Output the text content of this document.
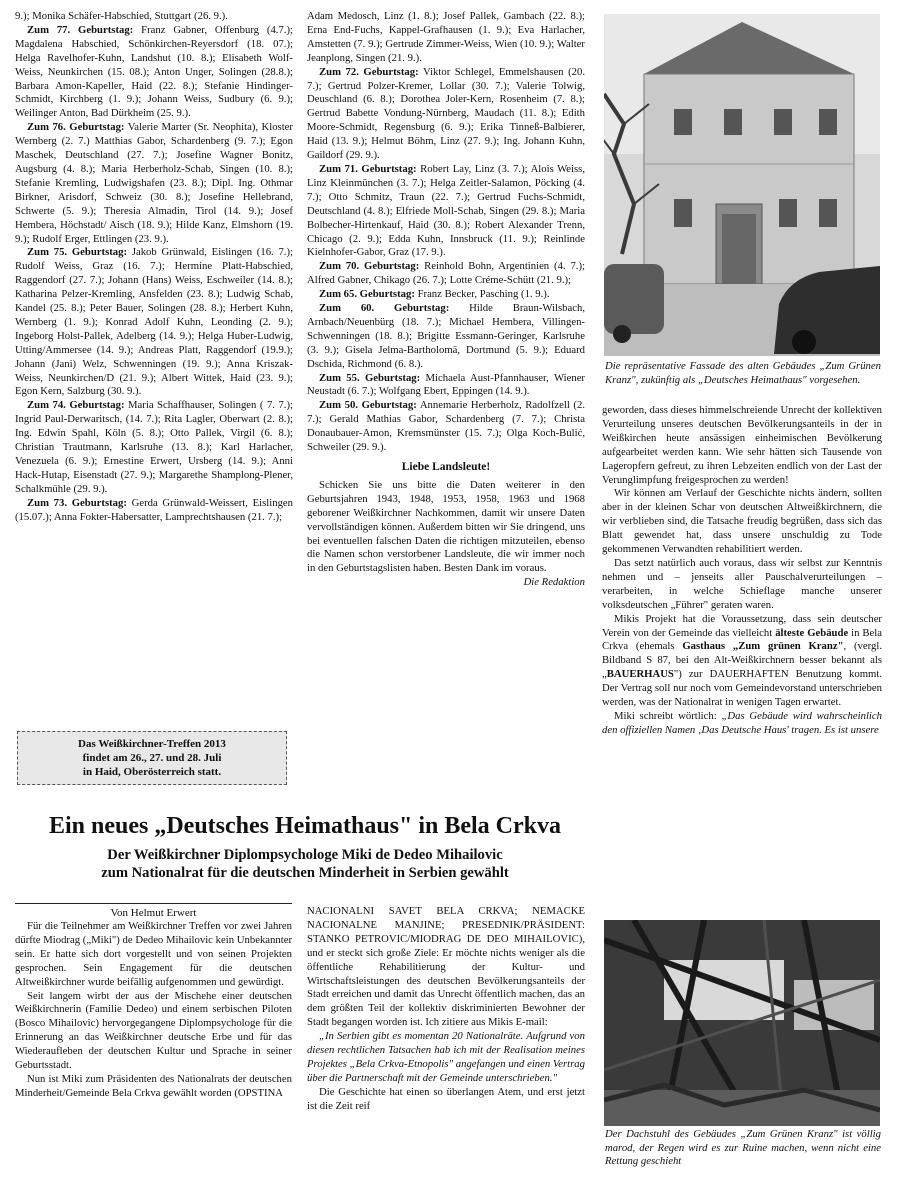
9.); Monika Schäfer-Habschied, Stuttgart (26. 9.).

Zum 77. Geburtstag: Franz Gabner, Offenburg (4.7.); Magdalena Habschied, Schönkirchen-Reyersdorf (18. 07.); Helga Ravelhofer-Kuhn, Landshut (10. 8.); Elisabeth Wolf-Weiss, Neunkirchen (15. 08.); Anton Unger, Solingen (28.8.); Barbara Amon-Kapeller, Haid (22. 8.); Stefanie Hindinger-Schmidt, Kirchberg (1. 9.); Johann Weiss, Sudbury (6. 9.); Weilinger Anton, Bad Dürkheim (25. 9.).

Zum 76. Geburtstag: Valerie Marter (Sr. Neophita), Kloster Wernberg (2. 7.) Matthias Gabor, Schardenberg (9. 7.); Egon Maschek, Deutschland (27. 7.); Josefine Wagner Bonitz, Augsburg (4. 8.); Maria Herberholz-Schab, Singen (10. 8.); Stefanie Kremling, Ludwigshafen (23. 8.); Dipl. Ing. Othmar Birkner, Arisdorf, Schweiz (30. 8.); Josefine Hellebrand, Schwerte (5. 9.); Theresia Almadin, Tirol (14. 9.); Josef Hembera, Höchstadt/ Aisch (18. 9.); Hilde Kanz, Elmshorn (19. 9.); Rudolf Erger, Ettlingen (23. 9.).

Zum 75. Geburtstag: Jakob Grünwald, Eislingen (16. 7.); Rudolf Weiss, Graz (16. 7.); Hermine Platt-Habschied, Raggendorf (27. 7.); Johann (Hans) Weiss, Eschweiler (14. 8.); Katharina Pelzer-Kremling, Ansfelden (23. 8.); Ludwig Schab, Kandel (25. 8.); Peter Bauer, Solingen (28. 8.); Herbert Kuhn, Wernberg (1. 9.); Konrad Adolf Kuhn, Leonding (2. 9.); Ingeborg Holst-Pallek, Adelberg (14. 9.); Helga Huber-Ludwig, Utting/Ammersee (14. 9.); Andreas Platt, Raggendorf (19.9.); Johann (Jani) Welz, Schwenningen (19. 9.); Anna Kriszak-Weiss, Neunkirchen/D (21. 9.); Albert Wittek, Haid (23. 9.); Egon Kern, Salzburg (30. 9.).

Zum 74. Geburtstag: Maria Schaffhauser, Solingen ( 7. 7.); Ingrid Paul-Derwaritsch, (14. 7.); Rita Lagler, Oberwart (2. 8.); Ing. Edwin Spahl, Köln (5. 8.); Otto Pallek, Virgil (6. 8.); Christian Trautmann, Karlsruhe (13. 8.); Karl Harlacher, Venezuela (6. 9.); Ernestine Erwert, Ursberg (14. 9.); Anni Hack-Hutap, Eisenstadt (27. 9.); Margarethe Shamplong-Plener, Schalkmühle (29. 9.).

Zum 73. Geburtstag: Gerda Grünwald-Weissert, Eislingen (15.07.); Anna Fokter-Habersatter, Lamprechtshausen (21. 7.);

Das Weißkirchner-Treffen 2013
findet am 26., 27. und 28. Juli
in Haid, Oberösterreich statt.

Adam Medosch, Linz (1. 8.); Josef Pallek, Gambach (22. 8.); Erna End-Fuchs, Kappel-Grafhausen (1. 9.); Eva Harlacher, Amstetten (7. 9.); Gertrude Zimmer-Weiss, Wien (10. 9.); Walter Jeanplong, Singen (21. 9.).

Zum 72. Geburtstag: Viktor Schlegel, Emmelshausen (20. 7.); Gertrud Polzer-Kremer, Lollar (30. 7.); Valerie Tolwig, Deuschland (6. 8.); Dorothea Joler-Kern, Rosenheim (7. 8.); Gertrud Babette Vondung-Nürnberg, Maudach (11. 8.); Edith Moore-Schmidt, Regensburg (6. 9.); Erika Tinneß-Balbierer, Haid (13. 9.); Helmut Böhm, Linz (27. 9.); Ing. Johann Kuhn, Gaildorf (29. 9.).

Zum 71. Geburtstag: Robert Lay, Linz (3. 7.); Alois Weiss, Linz Kleinmünchen (3. 7.); Helga Zeitler-Salamon, Pöcking (4. 7.); Otto Schmitz, Traun (22. 7.); Gertrud Fuchs-Schmidt, Deutschland (4. 8.); Elfriede Moll-Schab, Singen (29. 8.); Maria Bolbecher-Hirtenkauf, Haid (30. 8.); Robert Alexander Trenn, Chicago (2. 9.); Edda Kuhn, Innsbruck (11. 9.); Reinlinde Kielnhofer-Gabor, Graz (17. 9.).

Zum 70. Geburtstag: Reinhold Bohn, Argentinien (4. 7.); Alfred Gabner, Chikago (26. 7.); Lotte Créme-Schütt (21. 9.);

Zum 65. Geburtstag: Franz Becker, Pasching (1. 9.).

Zum 60. Geburtstag: Hilde Braun-Wilsbach, Arnbach/Neuenbürg (18. 7.); Michael Hembera, Villingen-Schwenningen (18. 8.); Brigitte Essmann-Geringer, Karlsruhe (3. 9.); Gisela Jelma-Bartholomä, Dortmund (5. 9.); Eduard Dschida, Richmond (6. 8.).

Zum 55. Geburtstag: Michaela Aust-Pfannhauser, Wiener Neustadt (6. 7.); Wolfgang Ebert, Eppingen (14. 9.).

Zum 50. Geburtstag: Annemarie Herberholz, Radolfzell (2. 7.); Gerald Mathias Gabor, Schardenberg (7. 7.); Christa Donaubauer-Amon, Kremsmünster (15. 7.); Olga Koch-Bulić, Schweiler (29. 9.).

Liebe Landsleute!

Schicken Sie uns bitte die Daten weiterer in den Geburtsjahren 1943, 1948, 1953, 1958, 1963 und 1968 geborener Weißkirchner Nachkommen, damit wir unsere Daten vervollständigen können. Außerdem bitten wir Sie dringend, uns bei eventuellen falschen Daten die richtigen mitzuteilen, ebenso die Namen schon verstorbener Landsleute, die wir immer noch in den Geburtstagslisten haben. Besten Dank im voraus.

Die Redaktion

Die repräsentative Fassade des alten Gebäudes „Zum Grünen Kranz", zukünftig als „Deutsches Heimathaus" vorgesehen.

geworden, dass dieses himmelschreiende Unrecht der kollektiven Verurteilung unseres deutschen Bevölkerungsanteils in der in Weißkirchen heute ansässigen einheimischen Bevölkerung aufgearbeitet werden kann. Wie sehr hätten sich Tausende von Lageropfern gefreut, zu ihren Lebzeiten endlich von der Last der Verunglimpfung freigesprochen zu werden!

Wir können am Verlauf der Geschichte nichts ändern, sollten aber in der kleinen Schar von deutschen Altweißkirchnern, die wir verblieben sind, die Tatsache freudig begrüßen, dass sich das Blatt gewendet hat, dass unsere unschuldig zu Tode gekommenen Verwandten rehabilitiert werden.

Das setzt natürlich auch voraus, dass wir selbst zur Kenntnis nehmen und – jenseits aller Pauschalverurteilungen – verarbeiten, in welche Schieflage manche unserer volksdeutschen „Führer" geraten waren.

Mikis Projekt hat die Voraussetzung, dass sein deutscher Verein von der Gemeinde das vielleicht älteste Gebäude in Bela Crkva (ehemals Gasthaus „Zum grünen Kranz", (vergl. Bildband S 87, bei den Alt-Weißkirchnern besser bekannt als „BAUERHAUS") zur DAUERHAFTEN Benutzung kommt. Der Vertrag soll nur noch vom Gemeindevorstand unterschrieben werden, was der Nationalrat in wenigen Tagen erwartet.

Miki schreibt wörtlich: „Das Gebäude wird wahrscheinlich den offiziellen Namen ‚Das Deutsche Haus' tragen. Es ist unsere

Ein neues „Deutsches Heimathaus" in Bela Crkva
Der Weißkirchner Diplompsychologe Miki de Dedeo Mihailovic
zum Nationalrat für die deutschen Minderheit in Serbien gewählt
Von Helmut Erwert

Für die Teilnehmer am Weißkirchner Treffen vor zwei Jahren dürfte Miodrag („Miki") de Dedeo Mihailovic kein Unbekannter sein. Er hatte sich dort vorgestellt und von seinen Projekten gesprochen. Sein Engagement für die deutschen Altweißkirchner wurde beifällig aufgenommen und gewürdigt.

Seit langem wirbt der aus der Mischehe einer deutschen Weißkirchnerin (Familie Dedeo) und einem serbischen Piloten (Bosco Mihailovic) hervorgegangene Diplompsychologe für die Erinnerung an das Weißkirchner deutsche Erbe und für das Wiederaufleben der deutschen Kultur und Sprache in seiner Geburtsstadt.

Nun ist Miki zum Präsidenten des Nationalrats der deutschen Minderheit/Gemeinde Bela Crkva gewählt worden (OPSTINA

NACIONALNI SAVET BELA CRKVA; NEMACKE NACIONALNE MANJINE; PRESEDNIK/PRÄSIDENT: STANKO PETROVIC/MIODRAG DE DEO MIHAILOVIC), und er steckt sich große Ziele: Er möchte nichts weniger als die öffentliche Rehabilitierung der Kultur- und Wirtschaftsleistungen des deutschen Bevölkerungsanteils der Stadt erreichen und damit das Unrecht öffentlich machen, das an dem größten Teil der kollektiv diskriminierten Bewohner der Stadt begangen worden ist. Ich zitiere aus Mikis E-mail:

„In Serbien gibt es momentan 20 Nationalräte. Aufgrund von diesen rechtlichen Tatsachen hab ich mit der Realisation meines Projektes „Bela Crkva-Etnopolis" angefangen und einen Vertrag über die Partnerschaft mit der Gemeinde unterschrieben."

Die Geschichte hat einen so überlangen Atem, und erst jetzt ist die Zeit reif

Der Dachstuhl des Gebäudes „Zum Grünen Kranz" ist völlig marod, der Regen wird es zur Ruine machen, wenn nicht eine Rettung geschieht
